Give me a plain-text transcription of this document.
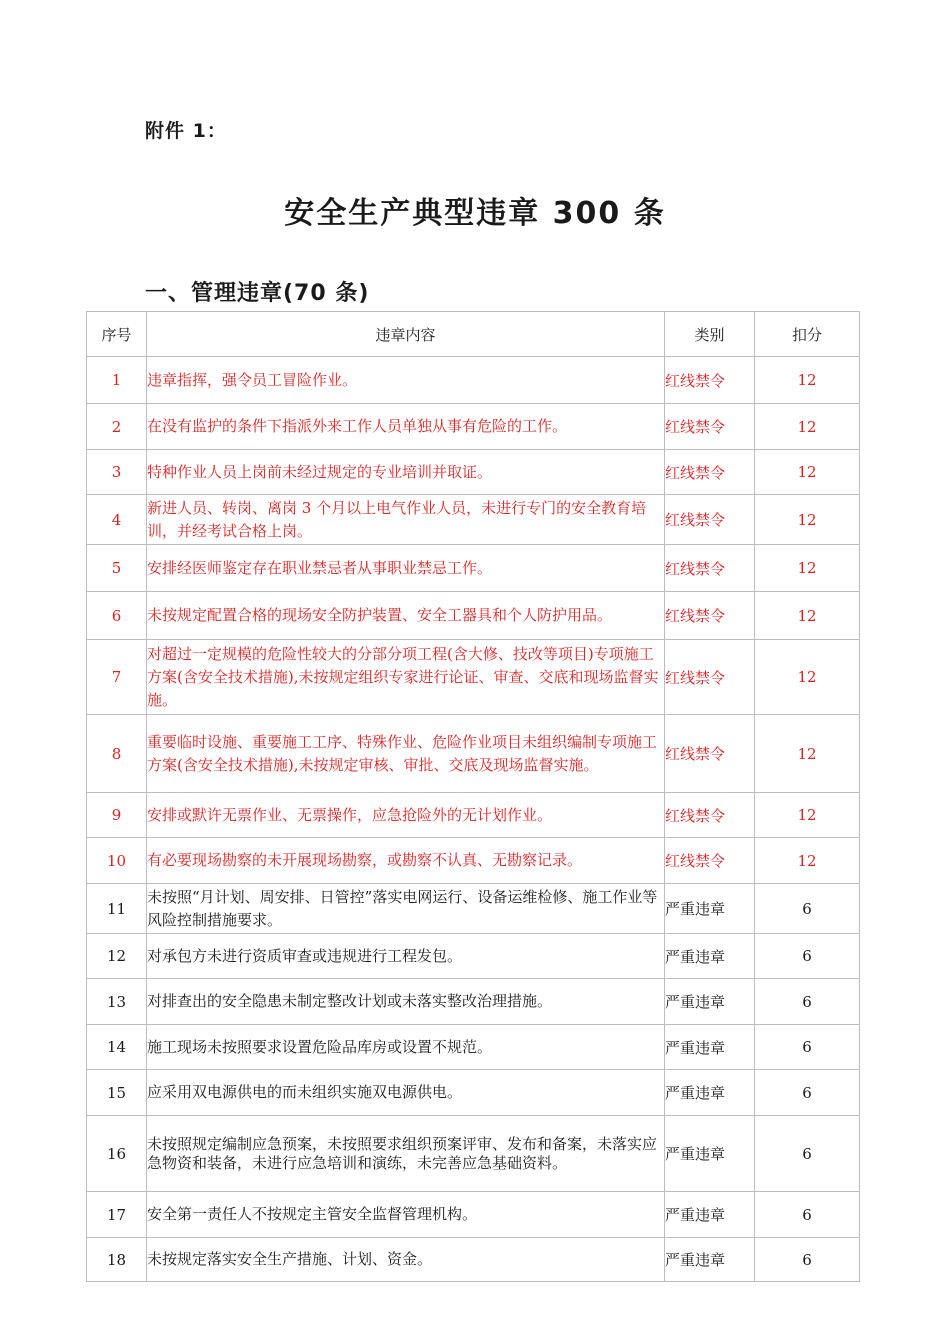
附件 1：
安全生产典型违章 300 条
一、管理违章(70 条)
序号	违章内容	类别	扣分
1	违章指挥，强令员工冒险作业。	红线禁令	12
2	在没有监护的条件下指派外来工作人员单独从事有危险的工作。	红线禁令	12
3	特种作业人员上岗前未经过规定的专业培训并取证。	红线禁令	12
4	新进人员、转岗、离岗 3 个月以上电气作业人员，未进行专门的安全教育培训，并经考试合格上岗。	红线禁令	12
5	安排经医师鉴定存在职业禁忌者从事职业禁忌工作。	红线禁令	12
6	未按规定配置合格的现场安全防护装置、安全工器具和个人防护用品。	红线禁令	12
7	对超过一定规模的危险性较大的分部分项工程(含大修、技改等项目)专项施工方案(含安全技术措施),未按规定组织专家进行论证、审查、交底和现场监督实施。	红线禁令	12
8	重要临时设施、重要施工工序、特殊作业、危险作业项目未组织编制专项施工方案(含安全技术措施),未按规定审核、审批、交底及现场监督实施。	红线禁令	12
9	安排或默许无票作业、无票操作，应急抢险外的无计划作业。	红线禁令	12
10	有必要现场勘察的未开展现场勘察，或勘察不认真、无勘察记录。	红线禁令	12
11	未按照“月计划、周安排、日管控”落实电网运行、设备运维检修、施工作业等风险控制措施要求。	严重违章	6
12	对承包方未进行资质审查或违规进行工程发包。	严重违章	6
13	对排查出的安全隐患未制定整改计划或未落实整改治理措施。	严重违章	6
14	施工现场未按照要求设置危险品库房或设置不规范。	严重违章	6
15	应采用双电源供电的而未组织实施双电源供电。	严重违章	6
16	未按照规定编制应急预案，未按照要求组织预案评审、发布和备案，未落实应急物资和装备，未进行应急培训和演练，未完善应急基础资料。	严重违章	6
17	安全第一责任人不按规定主管安全监督管理机构。	严重违章	6
18	未按规定落实安全生产措施、计划、资金。	严重违章	6
